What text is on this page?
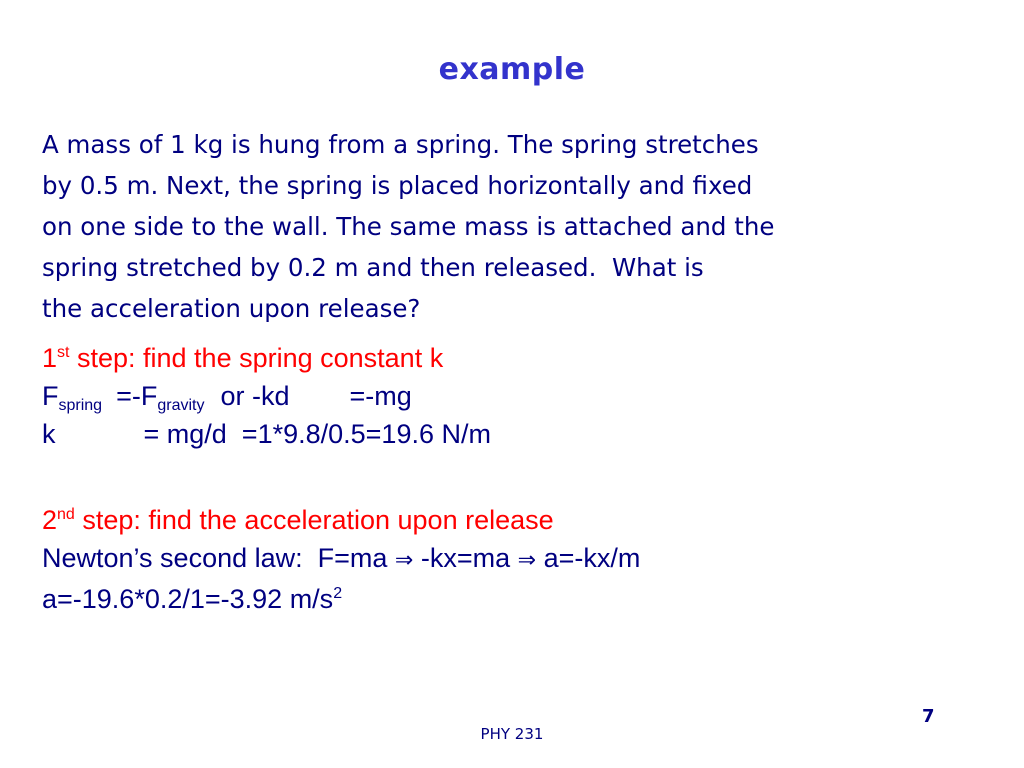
example
A mass of 1 kg is hung from a spring. The spring stretches
by 0.5 m. Next, the spring is placed horizontally and fixed
on one side to the wall. The same mass is attached and the
spring stretched by 0.2 m and then released.  What is
the acceleration upon release?
1st step: find the spring constant k
$F_{spring} =-F_{gravity}$ or -kd =-mg
k	= mg/d  =1*9.8/0.5=19.6 N/m
2nd step: find the acceleration upon release
Newton’s second law:  F=ma ⇒ -kx=ma ⇒ a=-kx/m
a=-19.6*0.2/1=-3.92 $m/s^2$
7
PHY 231
